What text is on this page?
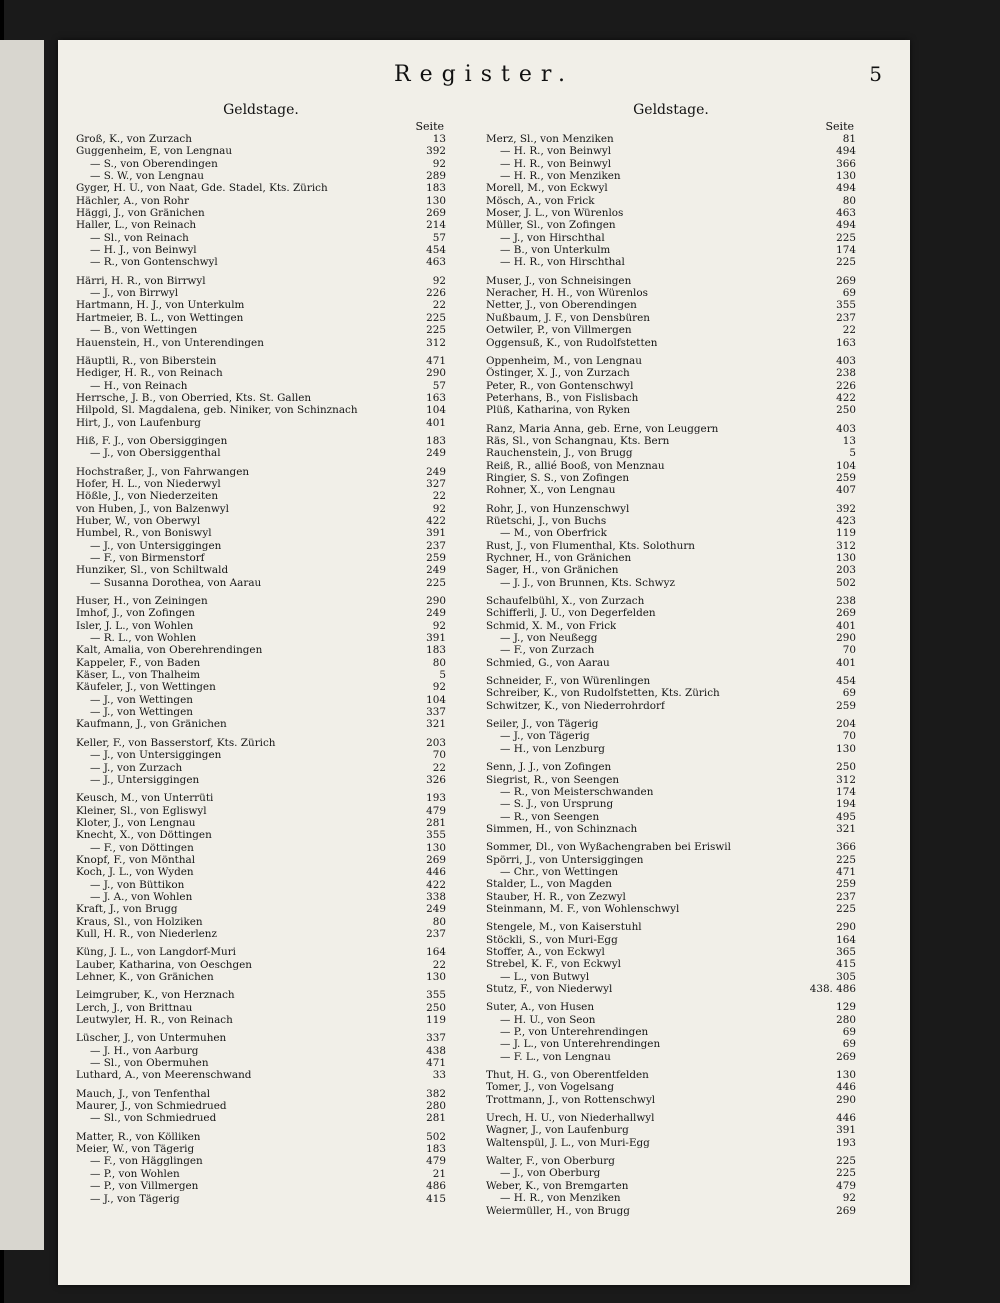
Register.	5
Geldstage.
Seite
Groß, K., von Zurzach	13
Guggenheim, E, von Lengnau	392
— S., von Oberendingen	92
— S. W., von Lengnau	289
Gyger, H. U., von Naat, Gde. Stadel, Kts. Zürich	183
Hächler, A., von Rohr	130
Häggi, J., von Gränichen	269
Haller, L., von Reinach	214
— Sl., von Reinach	57
— H. J., von Beinwyl	454
— R., von Gontenschwyl	463
Härri, H. R., von Birrwyl	92
— J., von Birrwyl	226
Hartmann, H. J., von Unterkulm	22
Hartmeier, B. L., von Wettingen	225
— B., von Wettingen	225
Hauenstein, H., von Unterendingen	312
Häuptli, R., von Biberstein	471
Hediger, H. R., von Reinach	290
— H., von Reinach	57
Herrsche, J. B., von Oberried, Kts. St. Gallen	163
Hilpold, Sl. Magdalena, geb. Niniker, von Schinznach	104
Hirt, J., von Laufenburg	401
Hiß, F. J., von Obersiggingen	183
— J., von Obersiggenthal	249
Hochstraßer, J., von Fahrwangen	249
Hofer, H. L., von Niederwyl	327
Hößle, J., von Niederzeiten	22
von Huben, J., von Balzenwyl	92
Huber, W., von Oberwyl	422
Humbel, R., von Boniswyl	391
— J., von Untersiggingen	237
— F., von Birmenstorf	259
Hunziker, Sl., von Schiltwald	249
— Susanna Dorothea, von Aarau	225
Huser, H., von Zeiningen	290
Imhof, J., von Zofingen	249
Isler, J. L., von Wohlen	92
— R. L., von Wohlen	391
Kalt, Amalia, von Oberehrendingen	183
Kappeler, F., von Baden	80
Käser, L., von Thalheim	5
Käufeler, J., von Wettingen	92
— J., von Wettingen	104
— J., von Wettingen	337
Kaufmann, J., von Gränichen	321
Keller, F., von Basserstorf, Kts. Zürich	203
— J., von Untersiggingen	70
— J., von Zurzach	22
— J., Untersiggingen	326
Keusch, M., von Unterrüti	193
Kleiner, Sl., von Egliswyl	479
Kloter, J., von Lengnau	281
Knecht, X., von Döttingen	355
— F., von Döttingen	130
Knopf, F., von Mönthal	269
Koch, J. L., von Wyden	446
— J., von Büttikon	422
— J. A., von Wohlen	338
Kraft, J., von Brugg	249
Kraus, Sl., von Holziken	80
Kull, H. R., von Niederlenz	237
Küng, J. L., von Langdorf-Muri	164
Lauber, Katharina, von Oeschgen	22
Lehner, K., von Gränichen	130
Leimgruber, K., von Herznach	355
Lerch, J., von Brittnau	250
Leutwyler, H. R., von Reinach	119
Lüscher, J., von Untermuhen	337
— J. H., von Aarburg	438
— Sl., von Obermuhen	471
Luthard, A., von Meerenschwand	33
Mauch, J., von Tenfenthal	382
Maurer, J., von Schmiedrued	280
— Sl., von Schmiedrued	281
Matter, R., von Kölliken	502
Meier, W., von Tägerig	183
— F., von Hägglingen	479
— P., von Wohlen	21
— P., von Villmergen	486
— J., von Tägerig	415
Geldstage.
Seite
Merz, Sl., von Menziken	81
— H. R., von Beinwyl	494
— H. R., von Beinwyl	366
— H. R., von Menziken	130
Morell, M., von Eckwyl	494
Mösch, A., von Frick	80
Moser, J. L., von Würenlos	463
Müller, Sl., von Zofingen	494
— J., von Hirschthal	225
— B., von Unterkulm	174
— H. R., von Hirschthal	225
Muser, J., von Schneisingen	269
Neracher, H. H., von Würenlos	69
Netter, J., von Oberendingen	355
Nußbaum, J. F., von Densbüren	237
Oetwiler, P., von Villmergen	22
Oggensuß, K., von Rudolfstetten	163
Oppenheim, M., von Lengnau	403
Östinger, X. J., von Zurzach	238
Peter, R., von Gontenschwyl	226
Peterhans, B., von Fislisbach	422
Plüß, Katharina, von Ryken	250
Ranz, Maria Anna, geb. Erne, von Leuggern	403
Räs, Sl., von Schangnau, Kts. Bern	13
Rauchenstein, J., von Brugg	5
Reiß, R., allié Booß, von Menznau	104
Ringier, S. S., von Zofingen	259
Rohner, X., von Lengnau	407
Rohr, J., von Hunzenschwyl	392
Rüetschi, J., von Buchs	423
— M., von Oberfrick	119
Rust, J., von Flumenthal, Kts. Solothurn	312
Rychner, H., von Gränichen	130
Sager, H., von Gränichen	203
— J. J., von Brunnen, Kts. Schwyz	502
Schaufelbühl, X., von Zurzach	238
Schifferli, J. U., von Degerfelden	269
Schmid, X. M., von Frick	401
— J., von Neußegg	290
— F., von Zurzach	70
Schmied, G., von Aarau	401
Schneider, F., von Würenlingen	454
Schreiber, K., von Rudolfstetten, Kts. Zürich	69
Schwitzer, K., von Niederrohrdorf	259
Seiler, J., von Tägerig	204
— J., von Tägerig	70
— H., von Lenzburg	130
Senn, J. J., von Zofingen	250
Siegrist, R., von Seengen	312
— R., von Meisterschwanden	174
— S. J., von Ursprung	194
— R., von Seengen	495
Simmen, H., von Schinznach	321
Sommer, Dl., von Wyßachengraben bei Eriswil	366
Spörri, J., von Untersiggingen	225
— Chr., von Wettingen	471
Stalder, L., von Magden	259
Stauber, H. R., von Zezwyl	237
Steinmann, M. F., von Wohlenschwyl	225
Stengele, M., von Kaiserstuhl	290
Stöckli, S., von Muri-Egg	164
Stoffer, A., von Eckwyl	365
Strebel, K. F., von Eckwyl	415
— L., von Butwyl	305
Stutz, F., von Niederwyl	438. 486
Suter, A., von Husen	129
— H. U., von Seon	280
— P., von Unterehrendingen	69
— J. L., von Unterehrendingen	69
— F. L., von Lengnau	269
Thut, H. G., von Oberentfelden	130
Tomer, J., von Vogelsang	446
Trottmann, J., von Rottenschwyl	290
Urech, H. U., von Niederhallwyl	446
Wagner, J., von Laufenburg	391
Waltenspül, J. L., von Muri-Egg	193
Walter, F., von Oberburg	225
— J., von Oberburg	225
Weber, K., von Bremgarten	479
— H. R., von Menziken	92
Weiermüller, H., von Brugg	269
